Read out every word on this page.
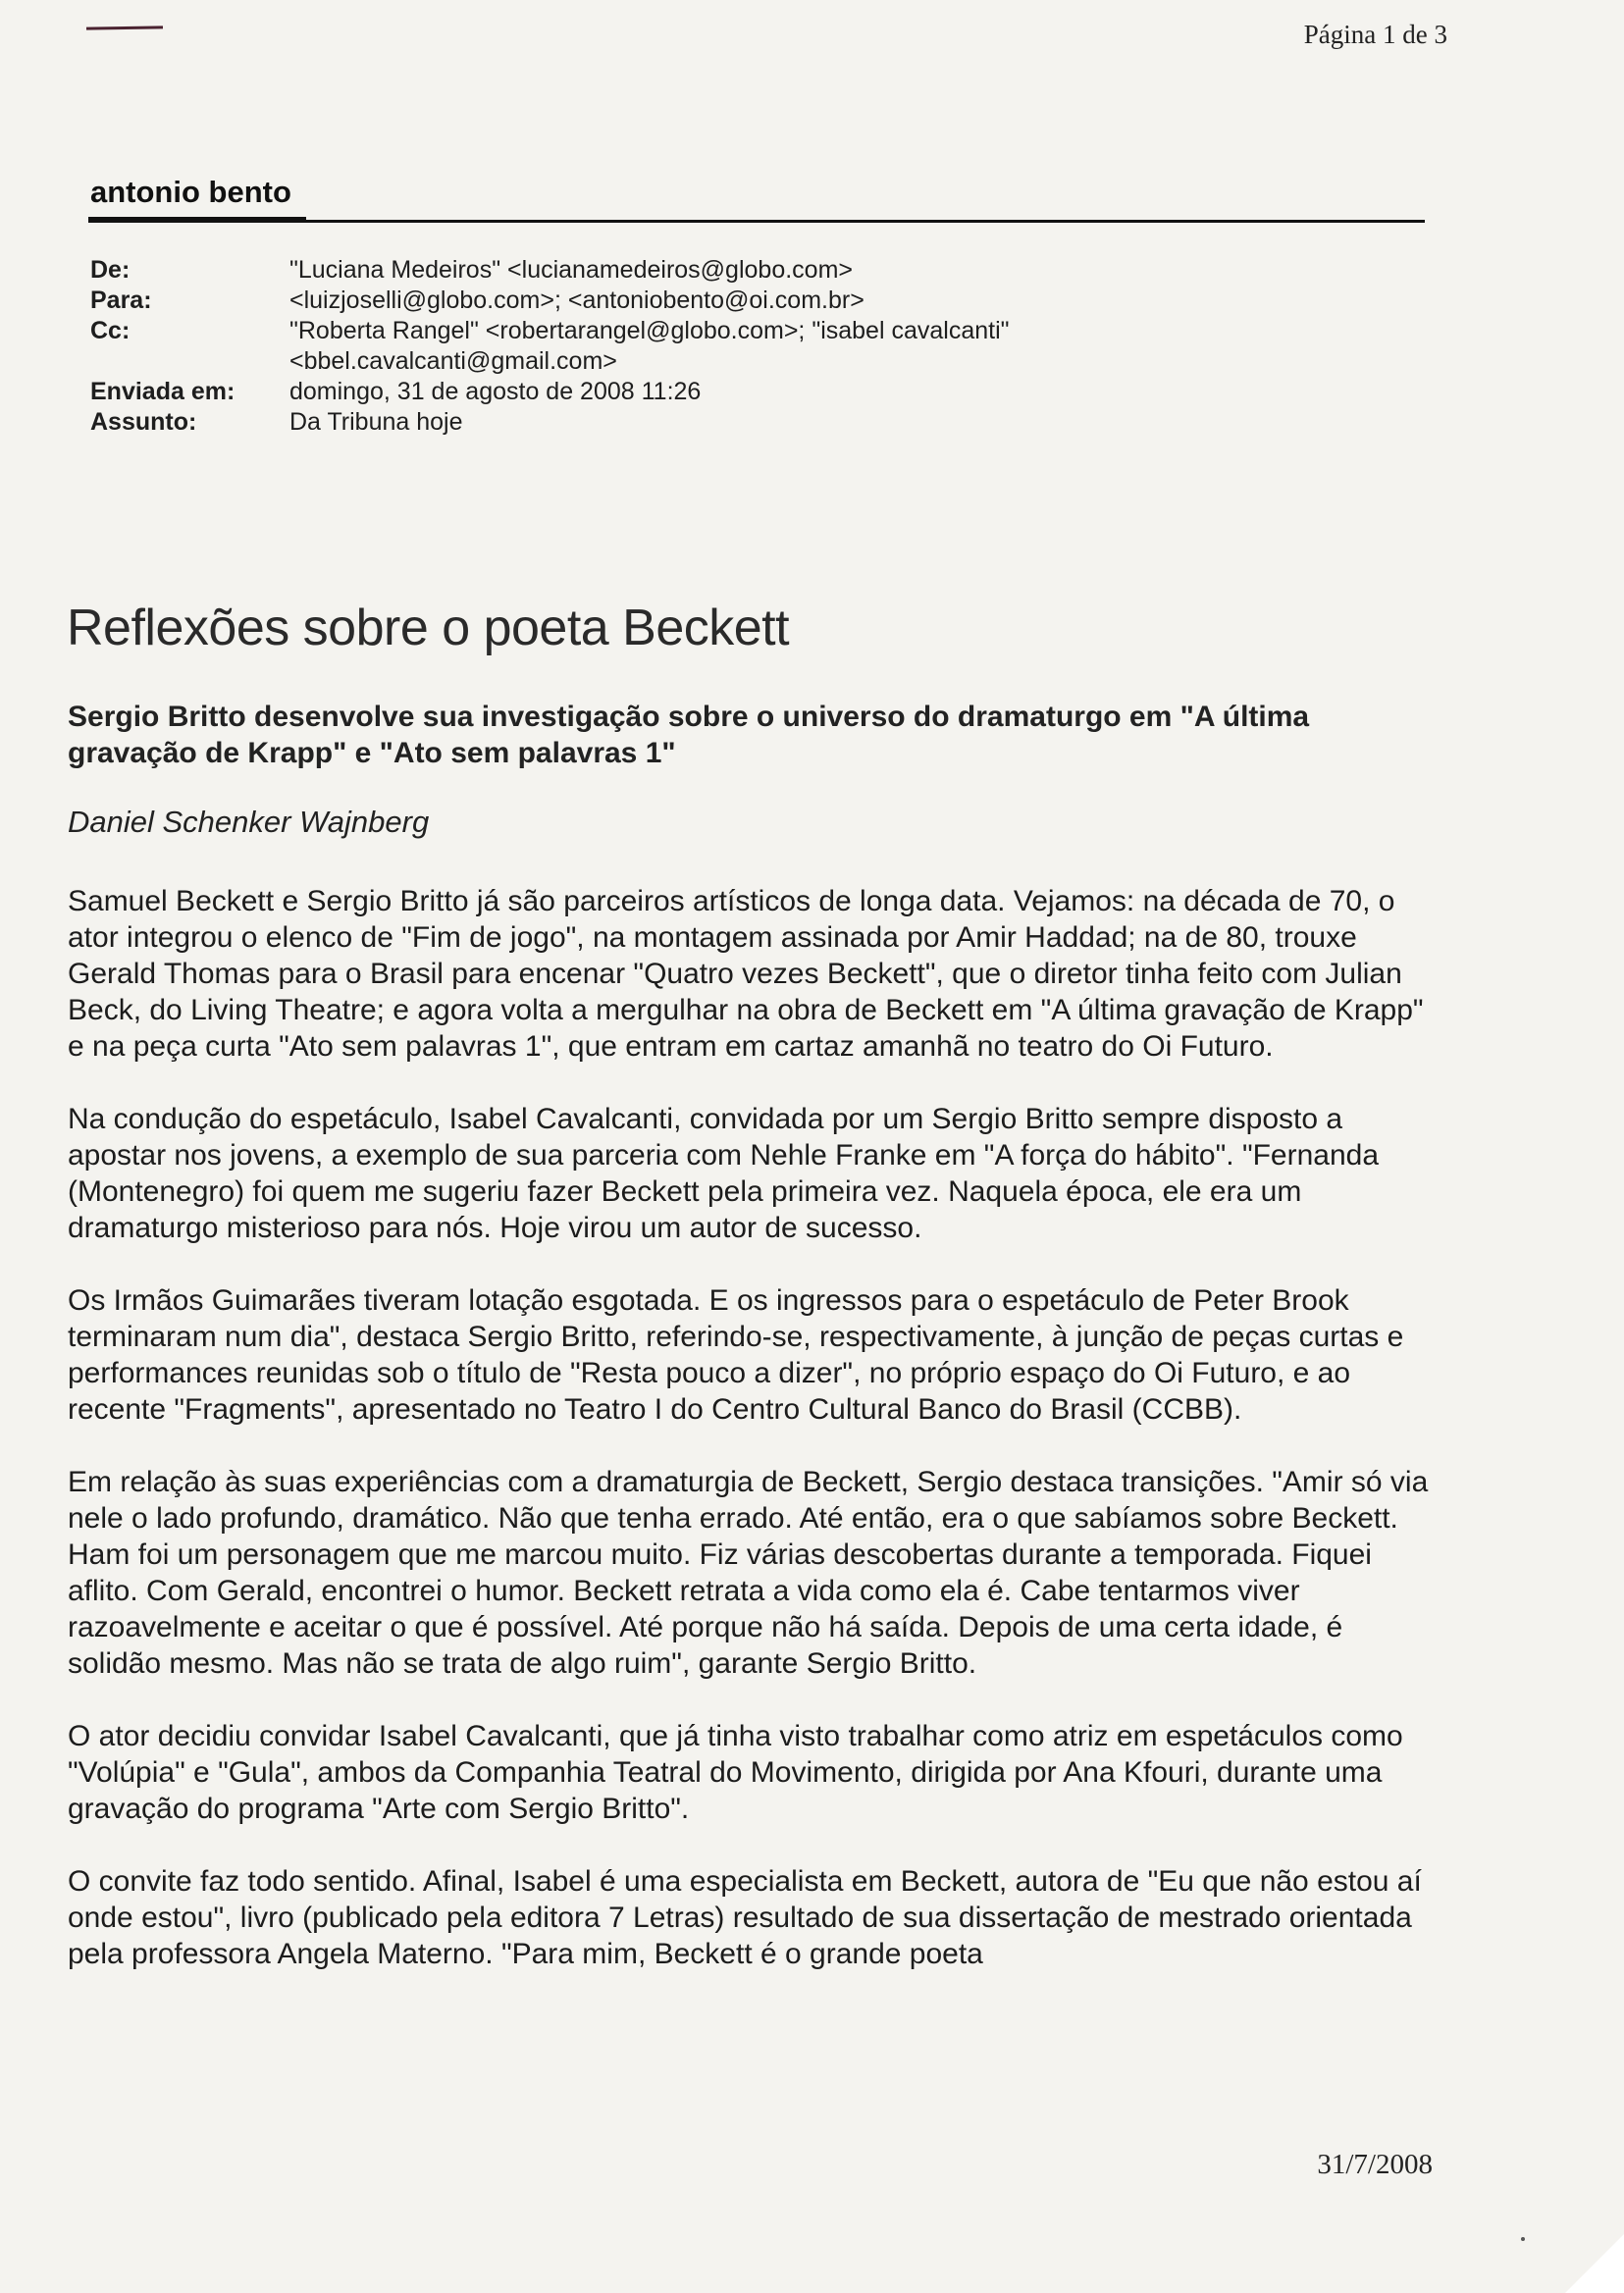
Página 1 de 3
antonio bento
De:	"Luciana Medeiros" <lucianamedeiros@globo.com>
Para:	<luizjoselli@globo.com>; <antoniobento@oi.com.br>
Cc:	"Roberta Rangel" <robertarangel@globo.com>; "isabel cavalcanti" <bbel.cavalcanti@gmail.com>
Enviada em:	domingo, 31 de agosto de 2008 11:26
Assunto:	Da Tribuna hoje
Reflexões sobre o poeta Beckett
Sergio Britto desenvolve sua investigação sobre o universo do dramaturgo em "A última gravação de Krapp" e "Ato sem palavras 1"
Daniel Schenker Wajnberg

Samuel Beckett e Sergio Britto já são parceiros artísticos de longa data. Vejamos: na década de 70, o ator integrou o elenco de "Fim de jogo", na montagem assinada por Amir Haddad; na de 80, trouxe Gerald Thomas para o Brasil para encenar "Quatro vezes Beckett", que o diretor tinha feito com Julian Beck, do Living Theatre; e agora volta a mergulhar na obra de Beckett em "A última gravação de Krapp" e na peça curta "Ato sem palavras 1", que entram em cartaz amanhã no teatro do Oi Futuro.

Na condução do espetáculo, Isabel Cavalcanti, convidada por um Sergio Britto sempre disposto a apostar nos jovens, a exemplo de sua parceria com Nehle Franke em "A força do hábito". "Fernanda (Montenegro) foi quem me sugeriu fazer Beckett pela primeira vez. Naquela época, ele era um dramaturgo misterioso para nós. Hoje virou um autor de sucesso.

Os Irmãos Guimarães tiveram lotação esgotada. E os ingressos para o espetáculo de Peter Brook terminaram num dia", destaca Sergio Britto, referindo-se, respectivamente, à junção de peças curtas e performances reunidas sob o título de "Resta pouco a dizer", no próprio espaço do Oi Futuro, e ao recente "Fragments", apresentado no Teatro I do Centro Cultural Banco do Brasil (CCBB).

Em relação às suas experiências com a dramaturgia de Beckett, Sergio destaca transições. "Amir só via nele o lado profundo, dramático. Não que tenha errado. Até então, era o que sabíamos sobre Beckett. Ham foi um personagem que me marcou muito. Fiz várias descobertas durante a temporada. Fiquei aflito. Com Gerald, encontrei o humor. Beckett retrata a vida como ela é. Cabe tentarmos viver razoavelmente e aceitar o que é possível. Até porque não há saída. Depois de uma certa idade, é solidão mesmo. Mas não se trata de algo ruim", garante Sergio Britto.

O ator decidiu convidar Isabel Cavalcanti, que já tinha visto trabalhar como atriz em espetáculos como "Volúpia" e "Gula", ambos da Companhia Teatral do Movimento, dirigida por Ana Kfouri, durante uma gravação do programa "Arte com Sergio Britto".

O convite faz todo sentido. Afinal, Isabel é uma especialista em Beckett, autora de "Eu que não estou aí onde estou", livro (publicado pela editora 7 Letras) resultado de sua dissertação de mestrado orientada pela professora Angela Materno. "Para mim, Beckett é o grande poeta

31/7/2008
